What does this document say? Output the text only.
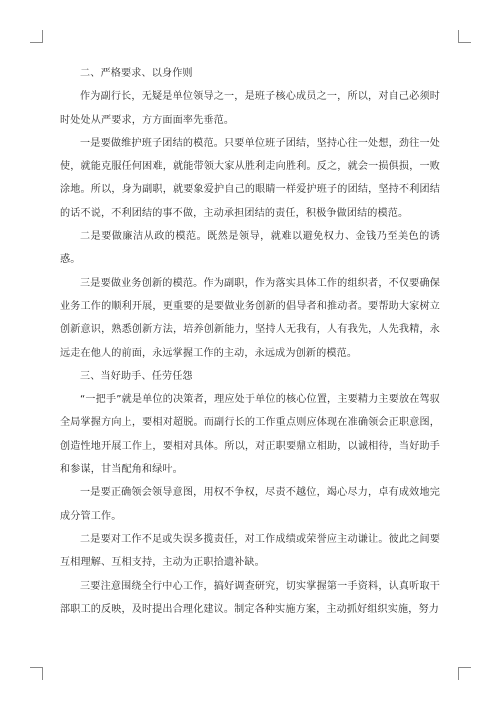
二、严格要求、以身作则

作为副行长，无疑是单位领导之一，是班子核心成员之一，所以，对自己必须时时处处从严要求，方方面面率先垂范。

一是要做维护班子团结的模范。只要单位班子团结，坚持心往一处想，劲往一处使，就能克服任何困难，就能带领大家从胜利走向胜利。反之，就会一损俱损，一败涂地。所以，身为副职，就要象爱护自己的眼睛一样爱护班子的团结，坚持不利团结的话不说，不利团结的事不做，主动承担团结的责任，积极争做团结的模范。

二是要做廉洁从政的模范。既然是领导，就难以避免权力、金钱乃至美色的诱惑。

三是要做业务创新的模范。作为副职，作为落实具体工作的组织者，不仅要确保业务工作的顺利开展，更重要的是要做业务创新的倡导者和推动者。要帮助大家树立创新意识，熟悉创新方法，培养创新能力，坚持人无我有，人有我先，人先我精，永远走在他人的前面，永远掌握工作的主动，永远成为创新的模范。

三、当好助手、任劳任怨

“一把手”就是单位的决策者，理应处于单位的核心位置，主要精力主要放在驾驭全局掌握方向上，要相对超脱。而副行长的工作重点则应体现在准确领会正职意图，创造性地开展工作上，要相对具体。所以，对正职要鼎立相助，以诚相待，当好助手和参谋，甘当配角和绿叶。

一是要正确领会领导意图，用权不争权，尽责不越位，竭心尽力，卓有成效地完成分管工作。

二是要对工作不足或失误多揽责任，对工作成绩或荣誉应主动谦让。彼此之间要互相理解、互相支持，主动为正职拾遗补缺。

三要注意围绕全行中心工作，搞好调查研究，切实掌握第一手资料，认真听取干部职工的反映，及时提出合理化建议。制定各种实施方案，主动抓好组织实施，努力
